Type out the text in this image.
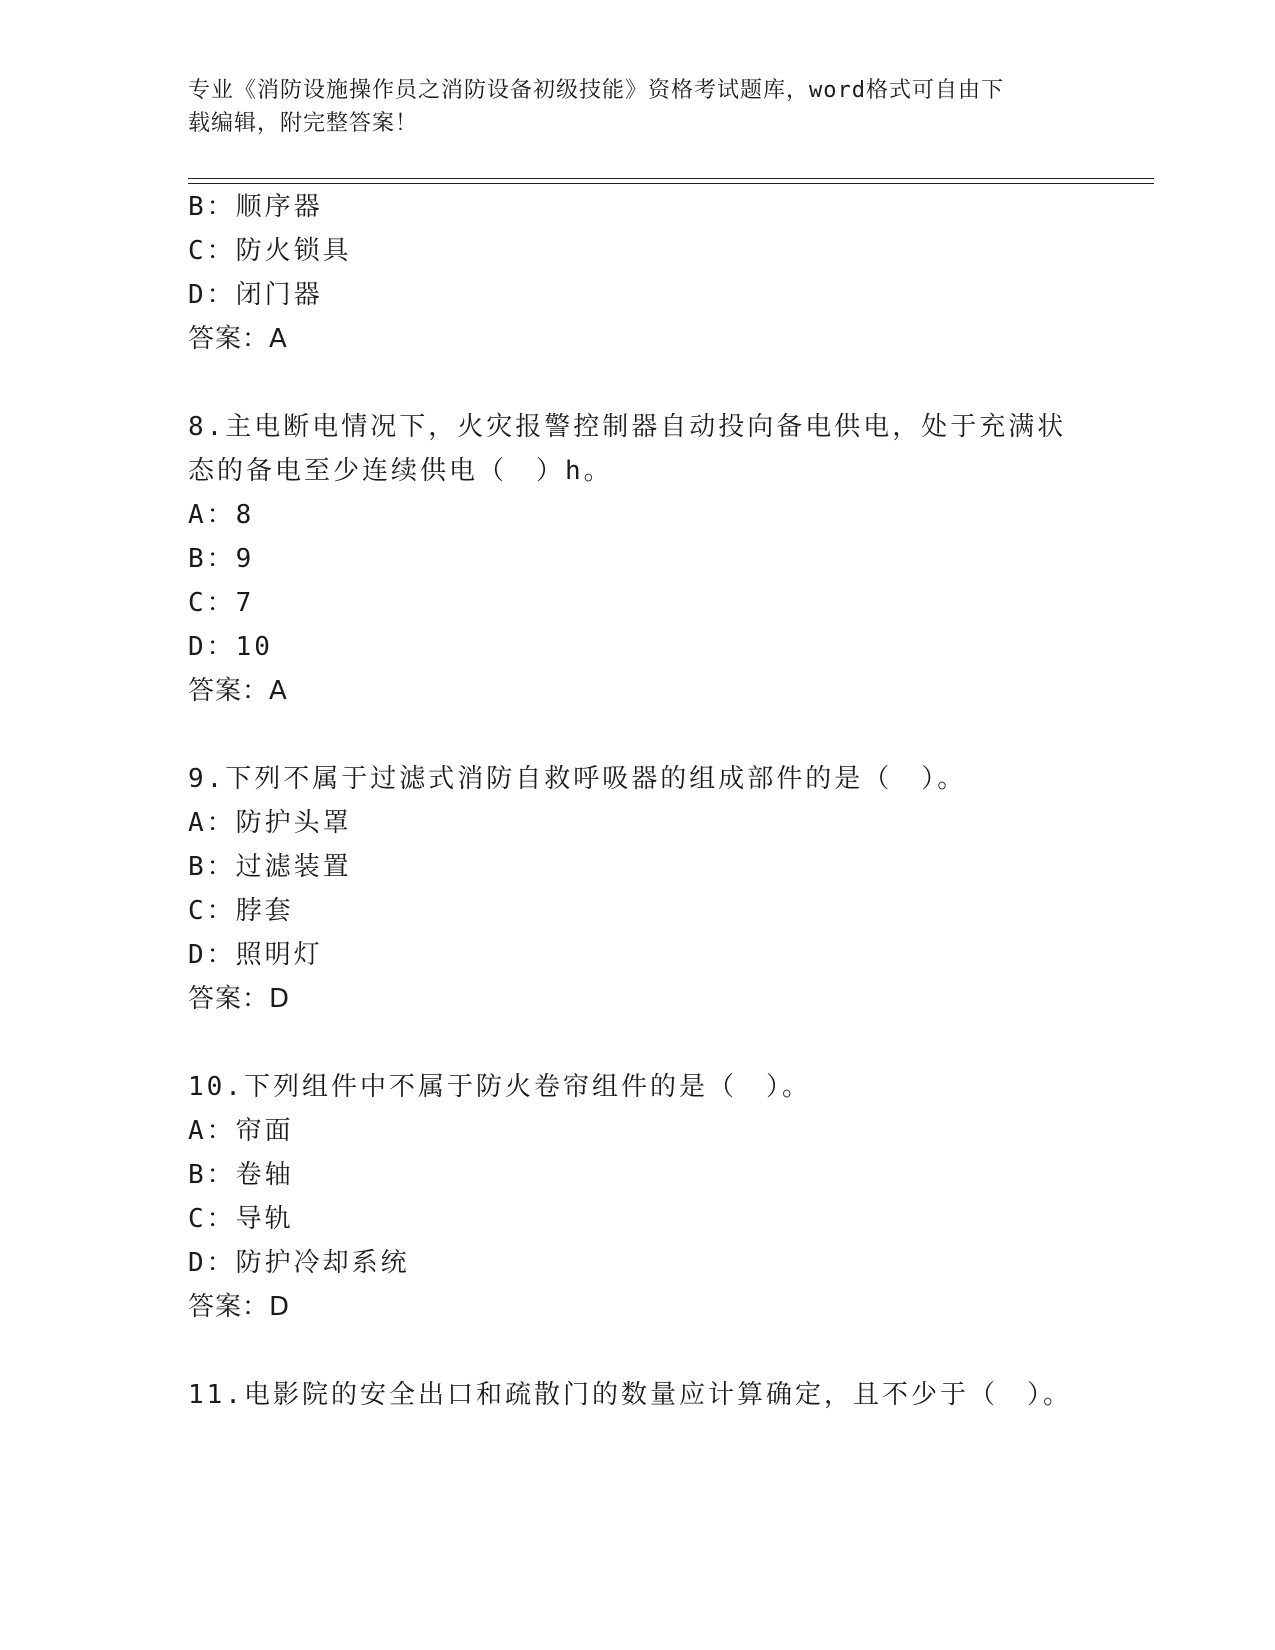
专业《消防设施操作员之消防设备初级技能》资格考试题库，word格式可自由下
载编辑，附完整答案！
B：顺序器
C：防火锁具
D：闭门器
答案：A
8.主电断电情况下，火灾报警控制器自动投向备电供电，处于充满状
态的备电至少连续供电（　）h。
A：8
B：9
C：7
D：10
答案：A
9.下列不属于过滤式消防自救呼吸器的组成部件的是（　）。
A：防护头罩
B：过滤装置
C：脖套
D：照明灯
答案：D
10.下列组件中不属于防火卷帘组件的是（　）。
A：帘面
B：卷轴
C：导轨
D：防护冷却系统
答案：D
11.电影院的安全出口和疏散门的数量应计算确定，且不少于（　）。
